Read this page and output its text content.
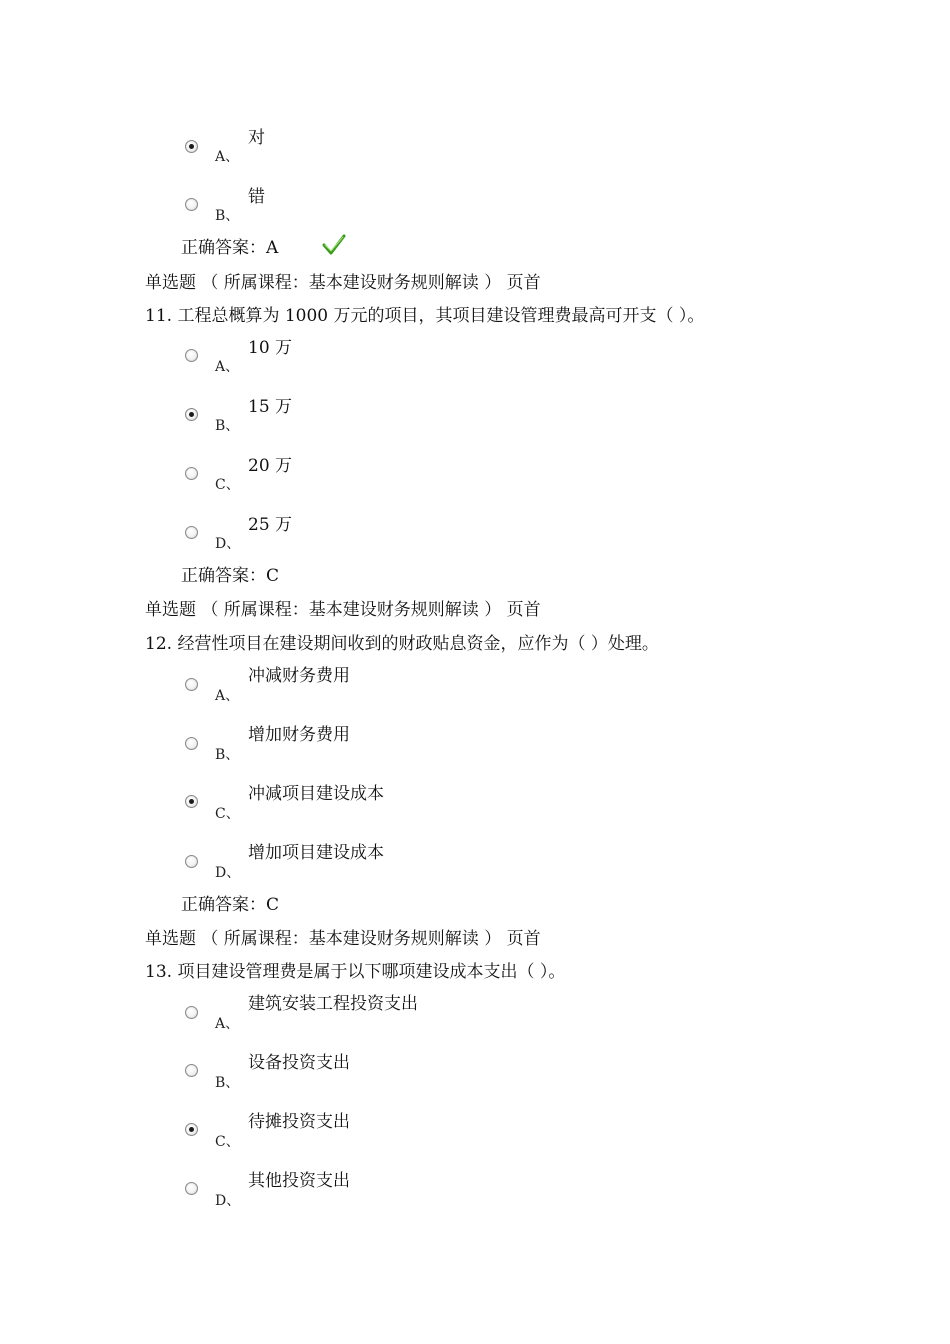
对
A、
错
B、
正确答案：A
单选题 （ 所属课程：基本建设财务规则解读 ） 页首
11. 工程总概算为 1000 万元的项目，其项目建设管理费最高可开支（ ）。
10 万
A、
15 万
B、
20 万
C、
25 万
D、
正确答案：C
单选题 （ 所属课程：基本建设财务规则解读 ） 页首
12. 经营性项目在建设期间收到的财政贴息资金，应作为（ ）处理。
冲减财务费用
A、
增加财务费用
B、
冲减项目建设成本
C、
增加项目建设成本
D、
正确答案：C
单选题 （ 所属课程：基本建设财务规则解读 ） 页首
13. 项目建设管理费是属于以下哪项建设成本支出（ ）。
建筑安装工程投资支出
A、
设备投资支出
B、
待摊投资支出
C、
其他投资支出
D、
